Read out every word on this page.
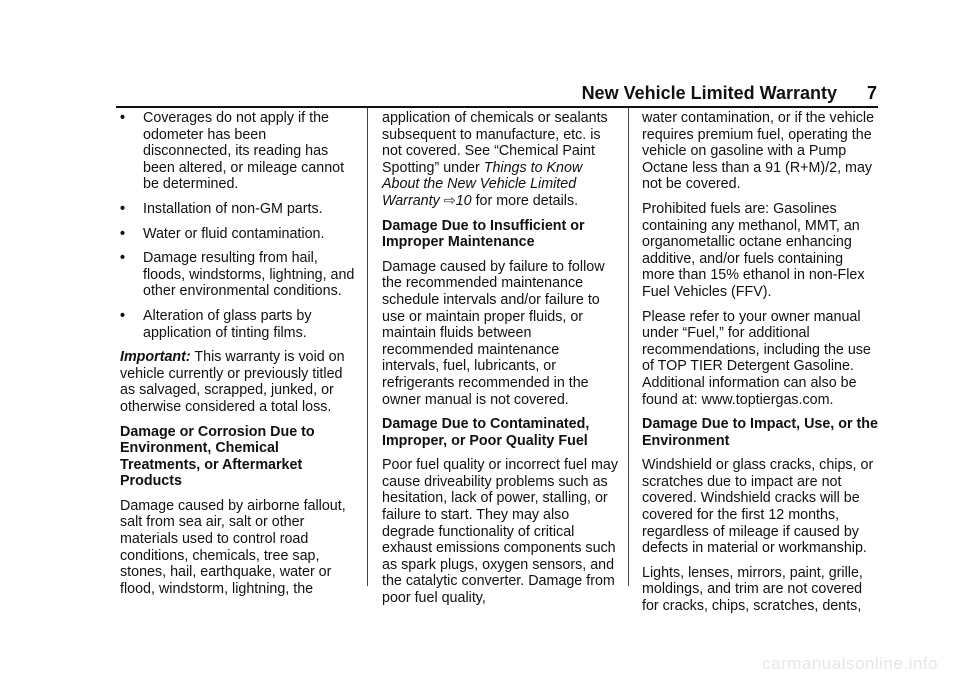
New Vehicle Limited Warranty 7
•	Coverages do not apply if the odometer has been disconnected, its reading has been altered, or mileage cannot be determined.
•	Installation of non-GM parts.
•	Water or fluid contamination.
•	Damage resulting from hail, floods, windstorms, lightning, and other environmental conditions.
•	Alteration of glass parts by application of tinting films.

Important: This warranty is void on vehicle currently or previously titled as salvaged, scrapped, junked, or otherwise considered a total loss.

Damage or Corrosion Due to Environment, Chemical Treatments, or Aftermarket Products

Damage caused by airborne fallout, salt from sea air, salt or other materials used to control road conditions, chemicals, tree sap, stones, hail, earthquake, water or flood, windstorm, lightning, the

application of chemicals or sealants subsequent to manufacture, etc. is not covered. See “Chemical Paint Spotting” under Things to Know About the New Vehicle Limited Warranty ⇨10 for more details.

Damage Due to Insufficient or Improper Maintenance

Damage caused by failure to follow the recommended maintenance schedule intervals and/or failure to use or maintain proper fluids, or maintain fluids between recommended maintenance intervals, fuel, lubricants, or refrigerants recommended in the owner manual is not covered.

Damage Due to Contaminated, Improper, or Poor Quality Fuel

Poor fuel quality or incorrect fuel may cause driveability problems such as hesitation, lack of power, stalling, or failure to start. They may also degrade functionality of critical exhaust emissions components such as spark plugs, oxygen sensors, and the catalytic converter. Damage from poor fuel quality,

water contamination, or if the vehicle requires premium fuel, operating the vehicle on gasoline with a Pump Octane less than a 91 (R+M)/2, may not be covered.

Prohibited fuels are: Gasolines containing any methanol, MMT, an organometallic octane enhancing additive, and/or fuels containing more than 15% ethanol in non-Flex Fuel Vehicles (FFV).

Please refer to your owner manual under “Fuel,” for additional recommendations, including the use of TOP TIER Detergent Gasoline. Additional information can also be found at: www.toptiergas.com.

Damage Due to Impact, Use, or the Environment

Windshield or glass cracks, chips, or scratches due to impact are not covered. Windshield cracks will be covered for the first 12 months, regardless of mileage if caused by defects in material or workmanship.

Lights, lenses, mirrors, paint, grille, moldings, and trim are not covered for cracks, chips, scratches, dents,

carmanualsonline.info
